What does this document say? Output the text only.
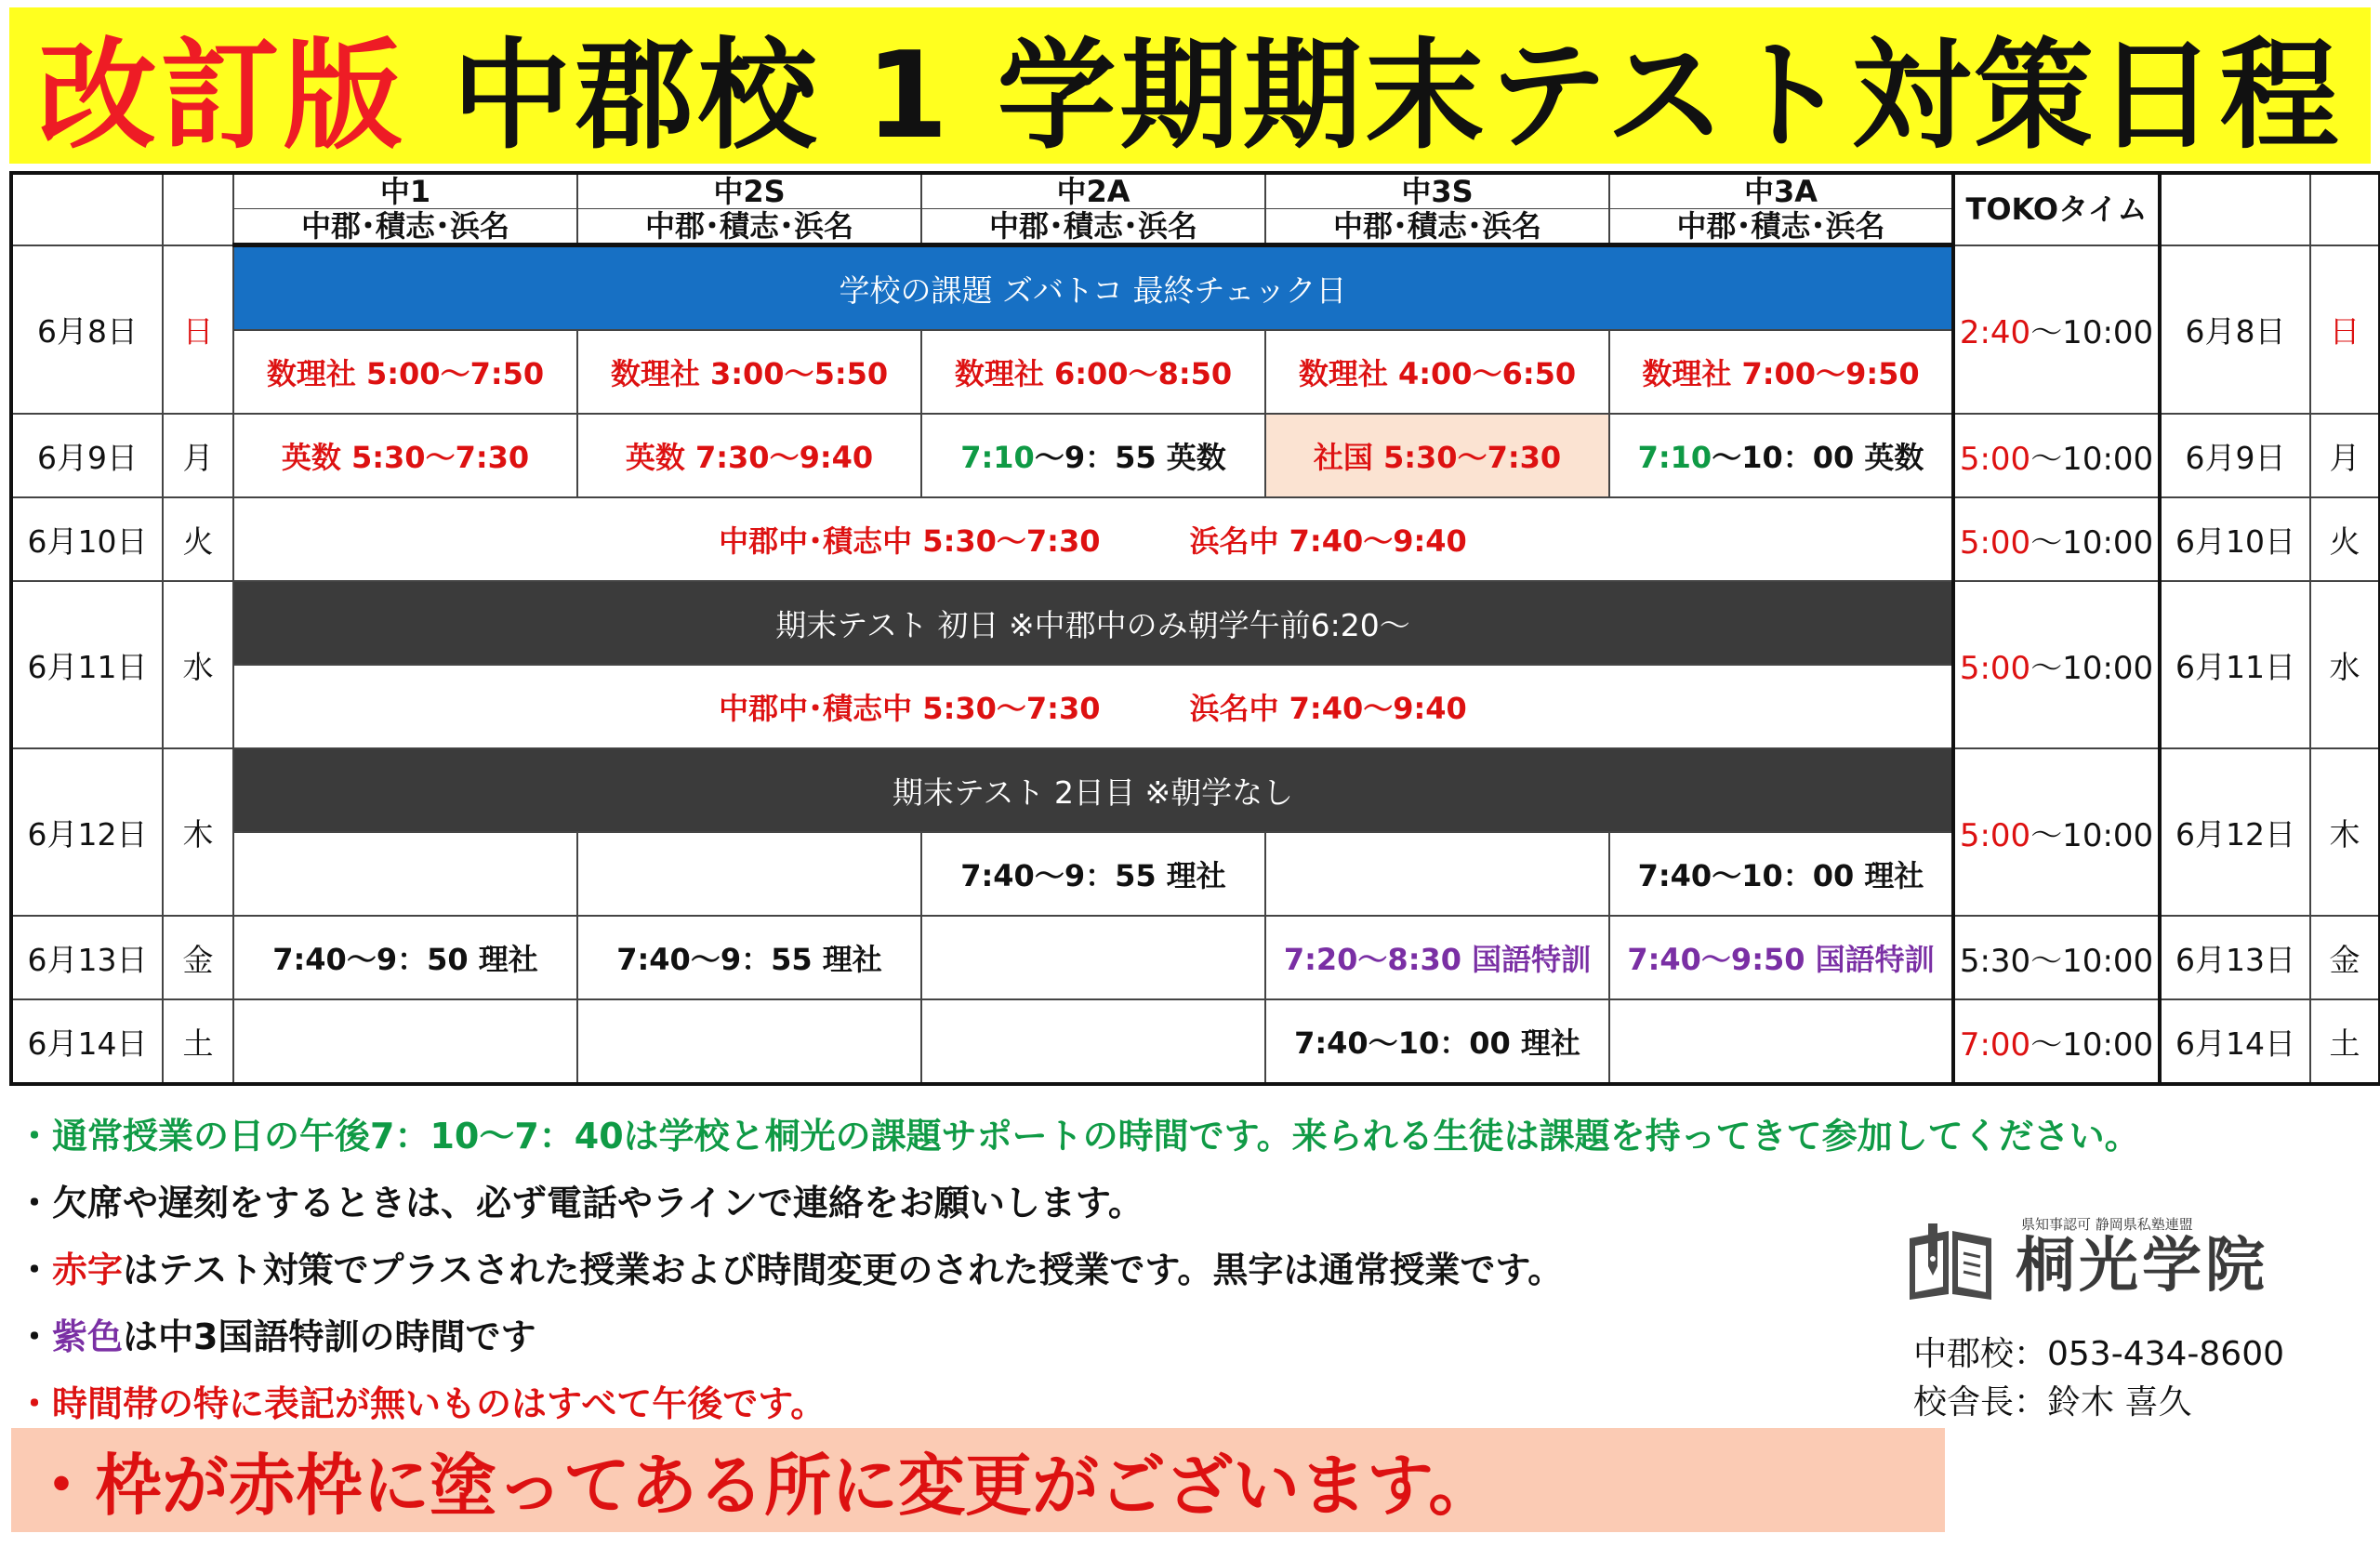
改訂版 中郡校 1 学期期末テスト対策日程
		中1	中2S	中2A	中3S	中3A	TOKOタイム		
		中郡･積志･浜名	中郡･積志･浜名	中郡･積志･浜名	中郡･積志･浜名	中郡･積志･浜名			
6月8日	日	学校の課題 ズバトコ 最終チェック日					2:40～10:00	6月8日	日
		数理社 5:00～7:50	数理社 3:00～5:50	数理社 6:00～8:50	数理社 4:00～6:50	数理社 7:00～9:50			
6月9日	月	英数 5:30～7:30	英数 7:30～9:40	7:10～9：55 英数	社国 5:30～7:30	7:10～10：00 英数	5:00～10:00	6月9日	月
6月10日	火	中郡中･積志中 5:30～7:30　　　浜名中 7:40～9:40					5:00～10:00	6月10日	火
6月11日	水	期末テスト 初日 ※中郡中のみ朝学午前6:20～					5:00～10:00	6月11日	水
		中郡中･積志中 5:30～7:30　　　浜名中 7:40～9:40							
6月12日	木	期末テスト 2日目 ※朝学なし					5:00～10:00	6月12日	木
				7:40～9：55 理社		7:40～10：00 理社			
6月13日	金	7:40～9：50 理社	7:40～9：55 理社		7:20～8:30 国語特訓	7:40～9:50 国語特訓	5:30～10:00	6月13日	金
6月14日	土				7:40～10：00 理社		7:00～10:00	6月14日	土
・通常授業の日の午後7：10～7：40は学校と桐光の課題サポートの時間です。来られる生徒は課題を持ってきて参加してください。
・欠席や遅刻をするときは、必ず電話やラインで連絡をお願いします。
・赤字はテスト対策でプラスされた授業および時間変更のされた授業です。黒字は通常授業です。
・紫色は中3国語特訓の時間です
・時間帯の特に表記が無いものはすべて午後です。
・枠が赤枠に塗ってある所に変更がございます。
県知事認可 静岡県私塾連盟
桐光学院
中郡校：053-434-8600
校舎長：鈴木 喜久
